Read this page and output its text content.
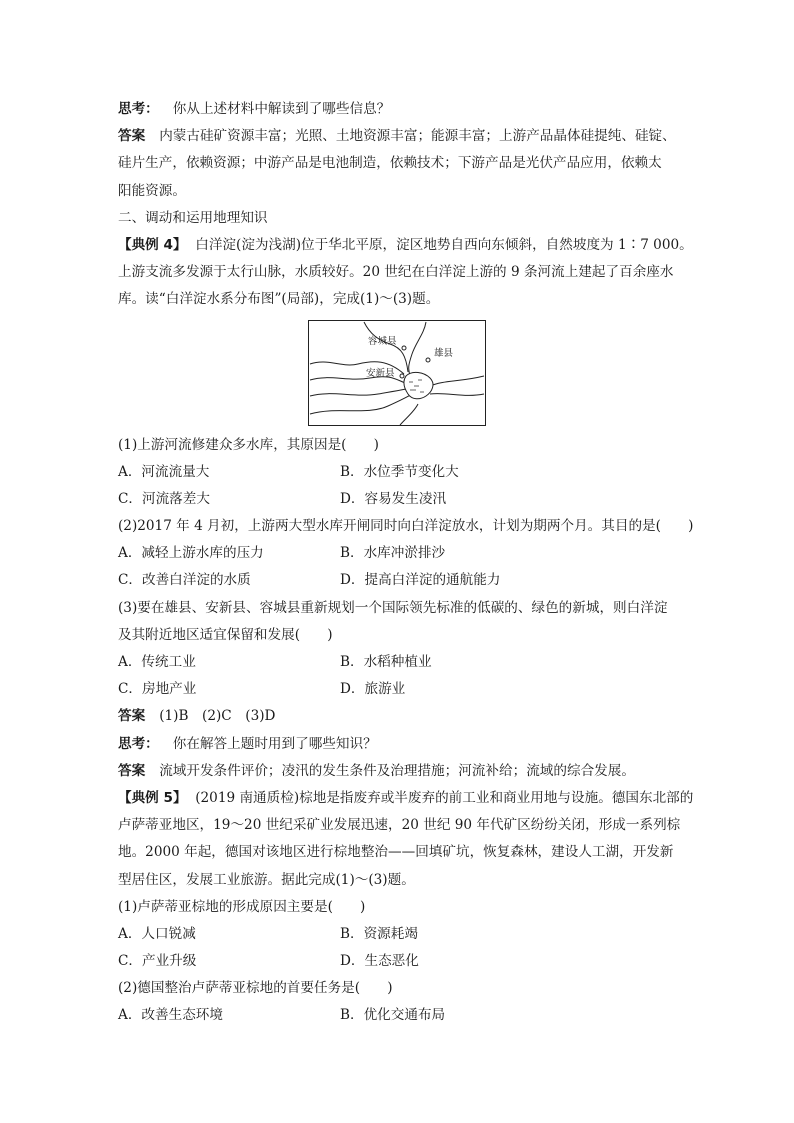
思考： 你从上述材料中解读到了哪些信息？
答案 内蒙古硅矿资源丰富；光照、土地资源丰富；能源丰富；上游产品晶体硅提纯、硅锭、
硅片生产，依赖资源；中游产品是电池制造，依赖技术；下游产品是光伏产品应用，依赖太
阳能资源。
二、调动和运用地理知识
【典例 4】 白洋淀(淀为浅湖)位于华北平原，淀区地势自西向东倾斜，自然坡度为 1∶7 000。
上游支流多发源于太行山脉，水质较好。20 世纪在白洋淀上游的 9 条河流上建起了百余座水
库。读“白洋淀水系分布图”(局部)，完成(1)～(3)题。
容城县
雄县
安新县
(1)上游河流修建众多水库，其原因是(　　)
A．河流流量大	B．水位季节变化大
C．河流落差大	D．容易发生凌汛
(2)2017 年 4 月初，上游两大型水库开闸同时向白洋淀放水，计划为期两个月。其目的是(　　)
A．减轻上游水库的压力	B．水库冲淤排沙
C．改善白洋淀的水质	D．提高白洋淀的通航能力
(3)要在雄县、安新县、容城县重新规划一个国际领先标准的低碳的、绿色的新城，则白洋淀
及其附近地区适宜保留和发展(　　)
A．传统工业	B．水稻种植业
C．房地产业	D．旅游业
答案 (1)B　(2)C　(3)D
思考： 你在解答上题时用到了哪些知识？
答案 流域开发条件评价；凌汛的发生条件及治理措施；河流补给；流域的综合发展。
【典例 5】 (2019 南通质检)棕地是指废弃或半废弃的前工业和商业用地与设施。德国东北部的
卢萨蒂亚地区，19～20 世纪采矿业发展迅速，20 世纪 90 年代矿区纷纷关闭，形成一系列棕
地。2000 年起，德国对该地区进行棕地整治——回填矿坑，恢复森林，建设人工湖，开发新
型居住区，发展工业旅游。据此完成(1)～(3)题。
(1)卢萨蒂亚棕地的形成原因主要是(　　)
A．人口锐减	B．资源耗竭
C．产业升级	D．生态恶化
(2)德国整治卢萨蒂亚棕地的首要任务是(　　)
A．改善生态环境	B．优化交通布局
